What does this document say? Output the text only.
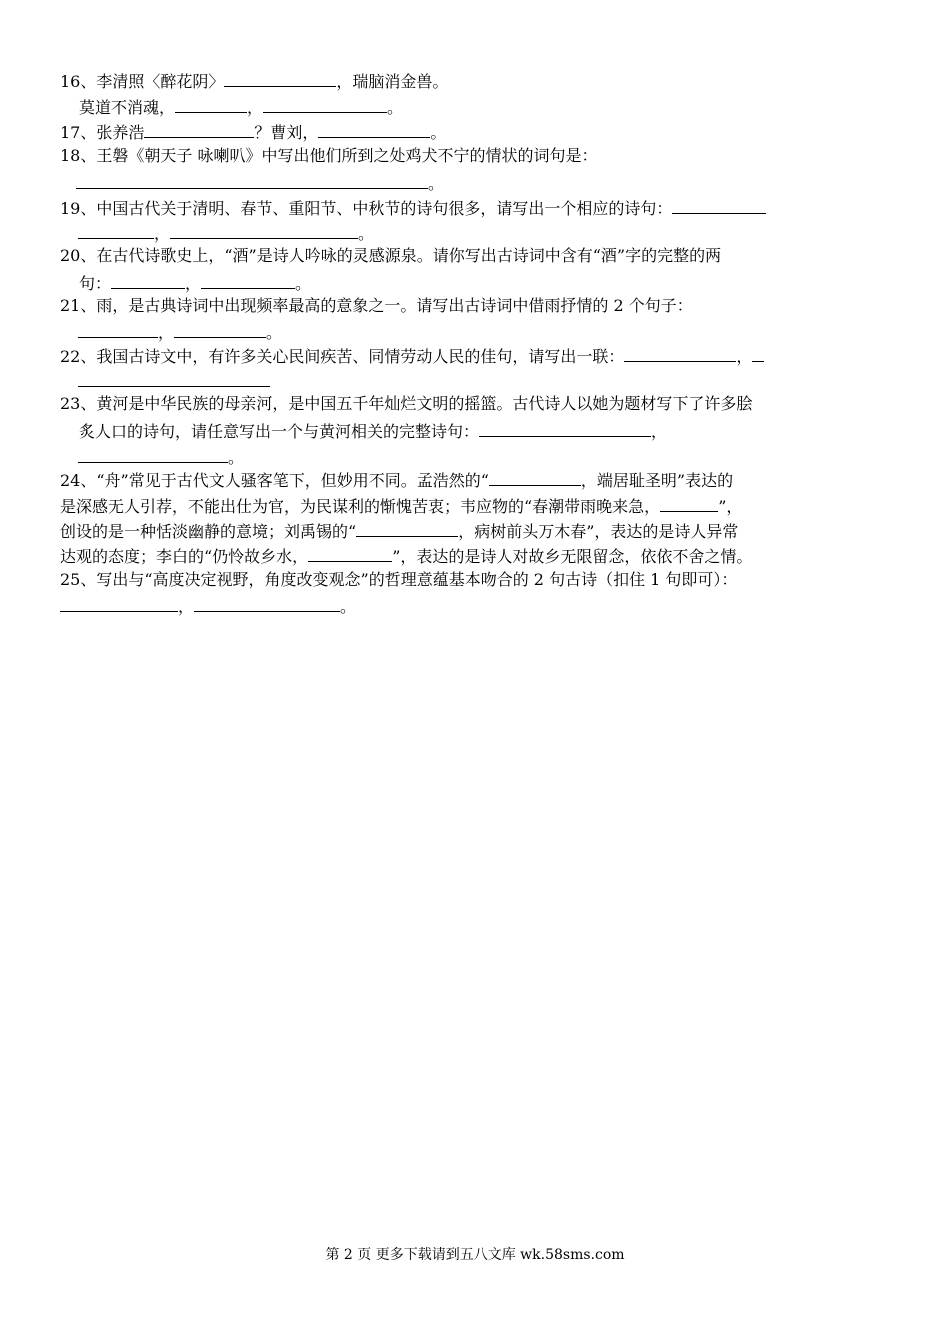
16、李清照〈醉花阴〉	，瑞脑消金兽。
莫道不消魂，	，	。
17、张养浩	？曹刘，	。
18、王磐《朝天子 咏喇叭》中写出他们所到之处鸡犬不宁的情状的词句是：
。
19、中国古代关于清明、春节、重阳节、中秋节的诗句很多，请写出一个相应的诗句：
，	。
20、在古代诗歌史上，“酒”是诗人吟咏的灵感源泉。请你写出古诗词中含有“酒”字的完整的两
句：	，	。
21、雨，是古典诗词中出现频率最高的意象之一。请写出古诗词中借雨抒情的 2 个句子：
，	。
22、我国古诗文中，有许多关心民间疾苦、同情劳动人民的佳句，请写出一联：	，
23、黄河是中华民族的母亲河，是中国五千年灿烂文明的摇篮。古代诗人以她为题材写下了许多脍
炙人口的诗句，请任意写出一个与黄河相关的完整诗句：	，
。
24、“舟”常见于古代文人骚客笔下，但妙用不同。孟浩然的“	，端居耻圣明”表达的
是深感无人引荐，不能出仕为官，为民谋利的惭愧苦衷；韦应物的“春潮带雨晚来急，	”，
创设的是一种恬淡幽静的意境；刘禹锡的“	，病树前头万木春”，表达的是诗人异常
达观的态度；李白的“仍怜故乡水，	”，表达的是诗人对故乡无限留念，依依不舍之情。
25、写出与“高度决定视野，角度改变观念”的哲理意蕴基本吻合的 2 句古诗（扣住 1 句即可）：
，	。
第 2 页 更多下载请到五八文库 wk.58sms.com
